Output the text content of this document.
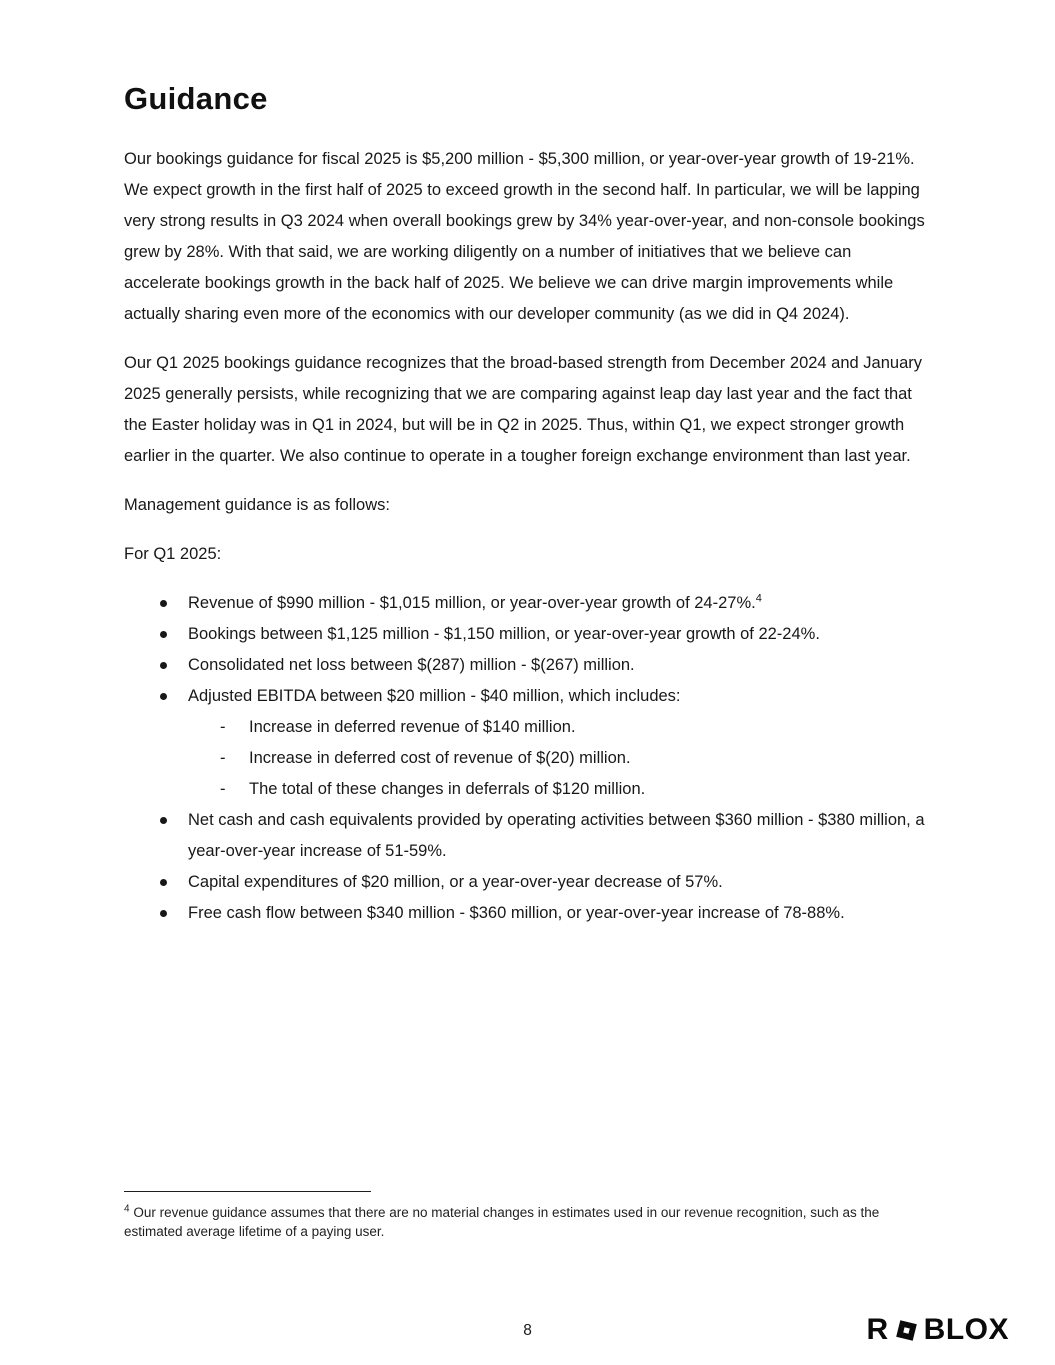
Guidance

Our bookings guidance for fiscal 2025 is $5,200 million - $5,300 million, or year-over-year growth of 19-21%. We expect growth in the first half of 2025 to exceed growth in the second half. In particular, we will be lapping very strong results in Q3 2024 when overall bookings grew by 34% year-over-year, and non-console bookings grew by 28%. With that said, we are working diligently on a number of initiatives that we believe can accelerate bookings growth in the back half of 2025. We believe we can drive margin improvements while actually sharing even more of the economics with our developer community (as we did in Q4 2024).

Our Q1 2025 bookings guidance recognizes that the broad-based strength from December 2024 and January 2025 generally persists, while recognizing that we are comparing against leap day last year and the fact that the Easter holiday was in Q1 in 2024, but will be in Q2 in 2025. Thus, within Q1, we expect stronger growth earlier in the quarter. We also continue to operate in a tougher foreign exchange environment than last year.

Management guidance is as follows:

For Q1 2025:

Revenue of $990 million - $1,015 million, or year-over-year growth of 24-27%.$^4$
Bookings between $1,125 million - $1,150 million, or year-over-year growth of 22-24%.
Consolidated net loss between $(287) million - $(267) million.
Adjusted EBITDA between $20 million - $40 million, which includes:
- Increase in deferred revenue of $140 million.
- Increase in deferred cost of revenue of $(20) million.
- The total of these changes in deferrals of $120 million.
Net cash and cash equivalents provided by operating activities between $360 million - $380 million, a year-over-year increase of 51-59%.
Capital expenditures of $20 million, or a year-over-year decrease of 57%.
Free cash flow between $340 million - $360 million, or year-over-year increase of 78-88%.
$^4$ Our revenue guidance assumes that there are no material changes in estimates used in our revenue recognition, such as the estimated average lifetime of a paying user.
8	R BLOX
